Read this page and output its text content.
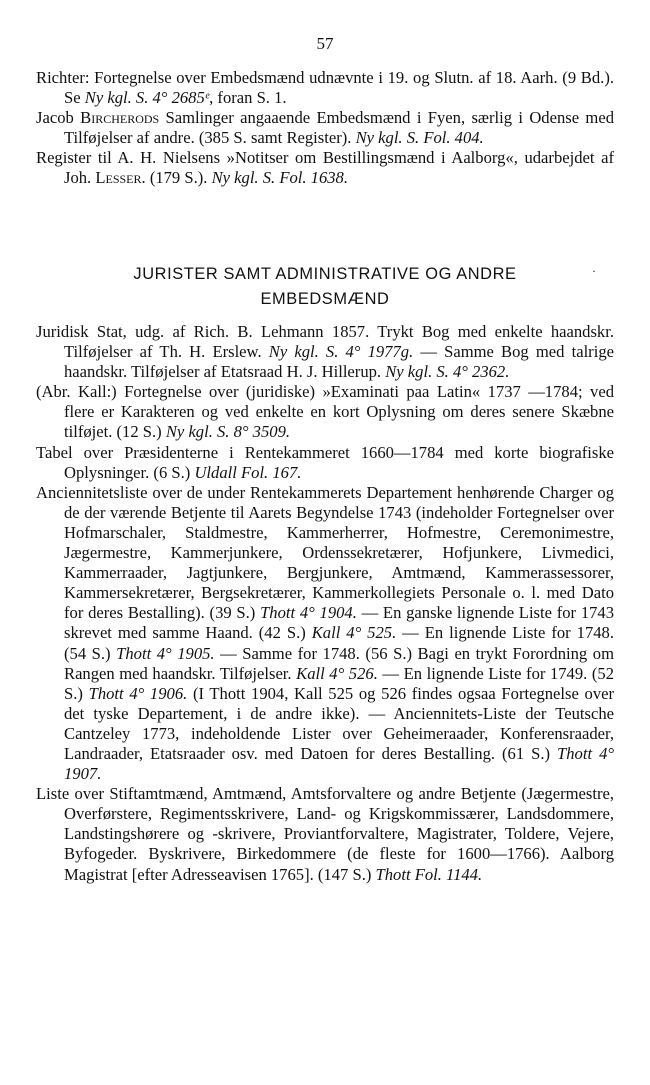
57

Richter: Fortegnelse over Embedsmænd udnævnte i 19. og Slutn. af 18. Aarh. (9 Bd.). Se Ny kgl. S. 4° 2685ᵉ, foran S. 1.

Jacob Bircherods Samlinger angaaende Embedsmænd i Fyen, særlig i Odense med Tilføjelser af andre. (385 S. samt Register). Ny kgl. S. Fol. 404.

Register til A. H. Nielsens »Notitser om Bestillingsmænd i Aalborg«, udarbejdet af Joh. Lesser. (179 S.). Ny kgl. S. Fol. 1638.

JURISTER SAMT ADMINISTRATIVE OG ANDRE
EMBEDSMÆND
·

Juridisk Stat, udg. af Rich. B. Lehmann 1857. Trykt Bog med enkelte haandskr. Tilføjelser af Th. H. Erslew. Ny kgl. S. 4° 1977g. — Samme Bog med talrige haandskr. Tilføjelser af Etatsraad H. J. Hillerup. Ny kgl. S. 4° 2362.

(Abr. Kall:) Fortegnelse over (juridiske) »Examinati paa Latin« 1737 —1784; ved flere er Karakteren og ved enkelte en kort Oplysning om deres senere Skæbne tilføjet. (12 S.) Ny kgl. S. 8° 3509.

Tabel over Præsidenterne i Rentekammeret 1660—1784 med korte biografiske Oplysninger. (6 S.) Uldall Fol. 167.

Anciennitetsliste over de under Rentekammerets Departement henhørende Charger og de der værende Betjente til Aarets Begyndelse 1743 (indeholder Fortegnelser over Hofmarschaler, Staldmestre, Kammerherrer, Hofmestre, Ceremonimestre, Jægermestre, Kammerjunkere, Ordenssekretærer, Hofjunkere, Livmedici, Kammerraader, Jagtjunkere, Bergjunkere, Amtmænd, Kammerassessorer, Kammersekretærer, Bergsekretærer, Kammerkollegiets Personale o. l. med Dato for deres Bestalling). (39 S.) Thott 4° 1904. — En ganske lignende Liste for 1743 skrevet med samme Haand. (42 S.) Kall 4° 525. — En lignende Liste for 1748. (54 S.) Thott 4° 1905. — Samme for 1748. (56 S.) Bagi en trykt Forordning om Rangen med haandskr. Tilføjelser. Kall 4° 526. — En lignende Liste for 1749. (52 S.) Thott 4° 1906. (I Thott 1904, Kall 525 og 526 findes ogsaa Fortegnelse over det tyske Departement, i de andre ikke). — Anciennitets-Liste der Teutsche Cantzeley 1773, indeholdende Lister over Geheimeraader, Konferensraader, Landraader, Etatsraader osv. med Datoen for deres Bestalling. (61 S.) Thott 4° 1907.

Liste over Stiftamtmænd, Amtmænd, Amtsforvaltere og andre Betjente (Jægermestre, Overførstere, Regimentsskrivere, Land- og Krigskommissærer, Landsdommere, Landstingshørere og -skrivere, Proviantforvaltere, Magistrater, Toldere, Vejere, Byfogeder. Byskrivere, Birkedommere (de fleste for 1600—1766). Aalborg Magistrat [efter Adresseavisen 1765]. (147 S.) Thott Fol. 1144.
